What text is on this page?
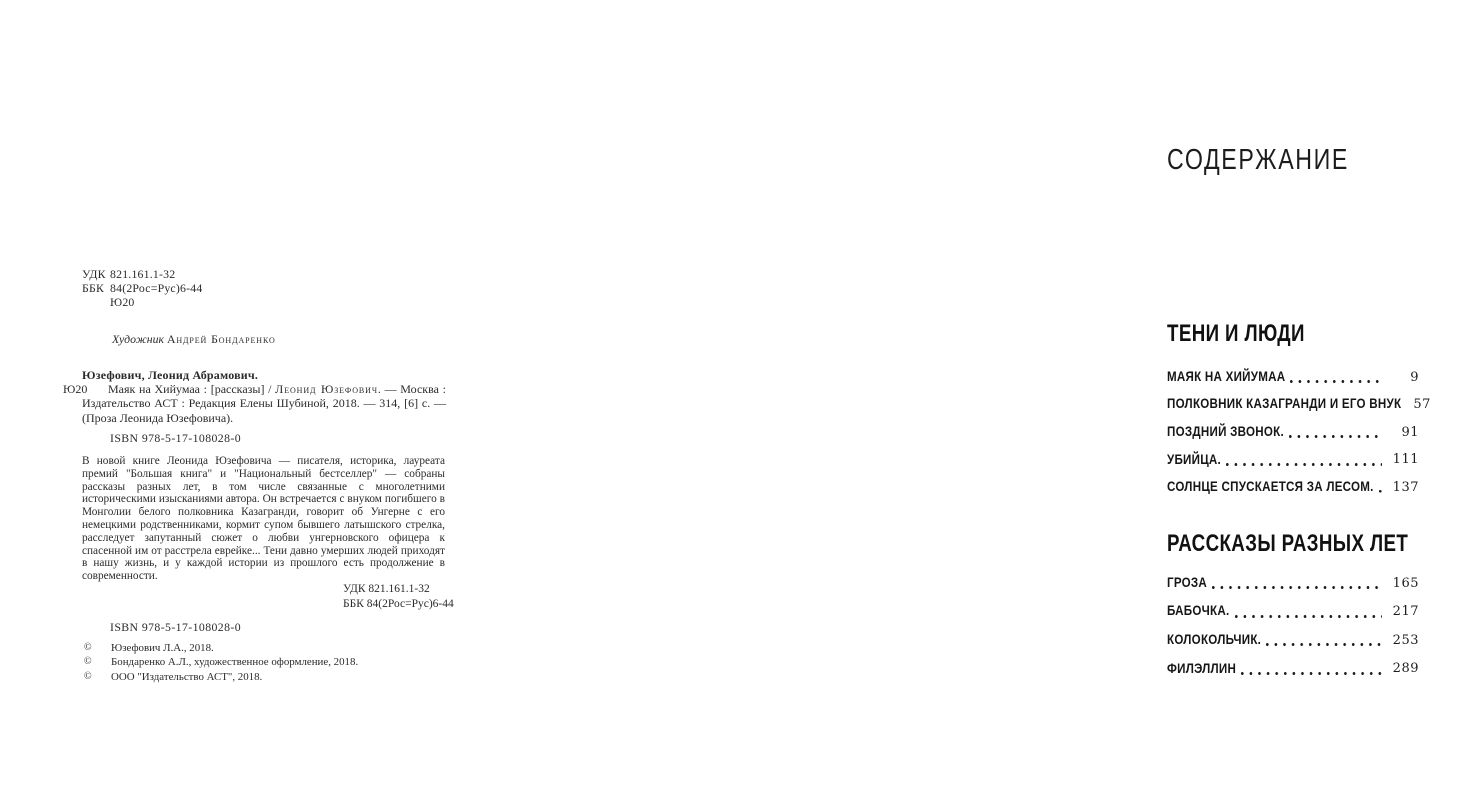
УДК 821.161.1-32
ББК 84(2Рос=Рус)6-44
Ю20
Художник Андрей Бондаренко
Юзефович, Леонид Абрамович.
Ю20 Маяк на Хийумаа : [рассказы] / Леонид Юзефович. — Москва : Издательство АСТ : Редакция Елены Шубиной, 2018. — 314, [6] с. — (Проза Леонида Юзефовича).
ISBN 978-5-17-108028-0
В новой книге Леонида Юзефовича — писателя, историка, лауреата премий "Большая книга" и "Национальный бестселлер" — собраны рассказы разных лет, в том числе связанные с многолетними историческими изысканиями автора. Он встречается с внуком погибшего в Монголии белого полковника Казагранди, говорит об Унгерне с его немецкими родственниками, кормит супом бывшего латышского стрелка, расследует запутанный сюжет о любви унгерновского офицера к спасенной им от расстрела еврейке... Тени давно умерших людей приходят в нашу жизнь, и у каждой истории из прошлого есть продолжение в современности.
УДК 821.161.1-32
ББК 84(2Рос=Рус)6-44
ISBN 978-5-17-108028-0
©	Юзефович Л.А., 2018.
©	Бондаренко А.Л., художественное оформление, 2018.
©	ООО "Издательство АСТ", 2018.
СОДЕРЖАНИЕ
ТЕНИ И ЛЮДИ
МАЯК НА ХИЙУМАА	9
ПОЛКОВНИК КАЗАГРАНДИ И ЕГО ВНУК 57
ПОЗДНИЙ ЗВОНОК.	91
УБИЙЦА.	111
СОЛНЦЕ СПУСКАЕТСЯ ЗА ЛЕСОМ. 137
РАССКАЗЫ РАЗНЫХ ЛЕТ
ГРОЗА	165
БАБОЧКА.	217
КОЛОКОЛЬЧИК.	253
ФИЛЭЛЛИН	289
